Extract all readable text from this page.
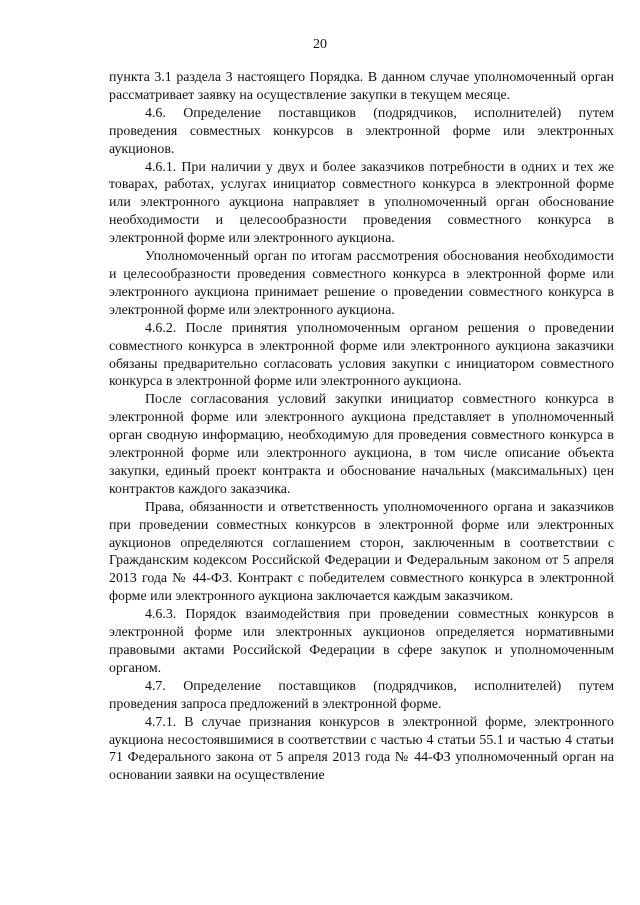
20

пункта 3.1 раздела 3 настоящего Порядка. В данном случае уполномоченный орган рассматривает заявку на осуществление закупки в текущем месяце.

4.6. Определение поставщиков (подрядчиков, исполнителей) путем проведения совместных конкурсов в электронной форме или электронных аукционов.

4.6.1. При наличии у двух и более заказчиков потребности в одних и тех же товарах, работах, услугах инициатор совместного конкурса в электронной форме или электронного аукциона направляет в уполномоченный орган обоснование необходимости и целесообразности проведения совместного конкурса в электронной форме или электронного аукциона.

Уполномоченный орган по итогам рассмотрения обоснования необходимости и целесообразности проведения совместного конкурса в электронной форме или электронного аукциона принимает решение о проведении совместного конкурса в электронной форме или электронного аукциона.

4.6.2. После принятия уполномоченным органом решения о проведении совместного конкурса в электронной форме или электронного аукциона заказчики обязаны предварительно согласовать условия закупки с инициатором совместного конкурса в электронной форме или электронного аукциона.

После согласования условий закупки инициатор совместного конкурса в электронной форме или электронного аукциона представляет в уполномоченный орган сводную информацию, необходимую для проведения совместного конкурса в электронной форме или электронного аукциона, в том числе описание объекта закупки, единый проект контракта и обоснование начальных (максимальных) цен контрактов каждого заказчика.

Права, обязанности и ответственность уполномоченного органа и заказчиков при проведении совместных конкурсов в электронной форме или электронных аукционов определяются соглашением сторон, заключенным в соответствии с Гражданским кодексом Российской Федерации и Федеральным законом от 5 апреля 2013 года № 44-ФЗ. Контракт с победителем совместного конкурса в электронной форме или электронного аукциона заключается каждым заказчиком.

4.6.3. Порядок взаимодействия при проведении совместных конкурсов в электронной форме или электронных аукционов определяется нормативными правовыми актами Российской Федерации в сфере закупок и уполномоченным органом.

4.7. Определение поставщиков (подрядчиков, исполнителей) путем проведения запроса предложений в электронной форме.

4.7.1. В случае признания конкурсов в электронной форме, электронного аукциона несостоявшимися в соответствии с частью 4 статьи 55.1 и частью 4 статьи 71 Федерального закона от 5 апреля 2013 года № 44-ФЗ уполномоченный орган на основании заявки на осуществление
